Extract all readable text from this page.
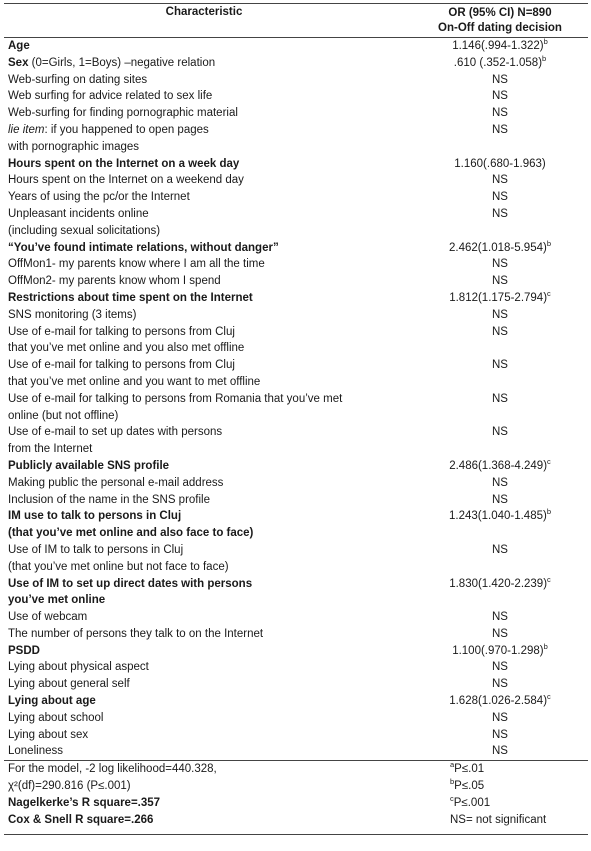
Characteristic	OR (95% CI) N=890
On-Off dating decision
Age	$1.146(.994-1.322)^b$
Sex (0=Girls, 1=Boys) –negative relation	.610 $(.352-1.058)^b$
Web-surfing on dating sites	NS
Web surfing for advice related to sex life	NS
Web-surfing for finding pornographic material	NS
lie item: if you happened to open pages	NS
with pornographic images
Hours spent on the Internet on a week day	1.160(.680-1.963)
Hours spent on the Internet on a weekend day	NS
Years of using the pc/or the Internet	NS
Unpleasant incidents online	NS
(including sexual solicitations)
“You’ve found intimate relations, without danger”	$2.462(1.018-5.954)^b$
OffMon1- my parents know where I am all the time	NS
OffMon2- my parents know whom I spend	NS
Restrictions about time spent on the Internet	$1.812(1.175-2.794)^c$
SNS monitoring (3 items)	NS
Use of e-mail for talking to persons from Cluj	NS
that you’ve met online and you also met offline
Use of e-mail for talking to persons from Cluj	NS
that you’ve met online and you want to met offline
Use of e-mail for talking to persons from Romania that you’ve met	NS
online (but not offline)
Use of e-mail to set up dates with persons	NS
from the Internet
Publicly available SNS profile	$2.486(1.368-4.249)^c$
Making public the personal e-mail address	NS
Inclusion of the name in the SNS profile	NS
IM use to talk to persons in Cluj	$1.243(1.040-1.485)^b$
(that you’ve met online and also face to face)
Use of IM to talk to persons in Cluj	NS
(that you’ve met online but not face to face)
Use of IM to set up direct dates with persons	$1.830(1.420-2.239)^c$
you’ve met online
Use of webcam	NS
The number of persons they talk to on the Internet	NS
PSDD	$1.100(.970-1.298)^b$
Lying about physical aspect	NS
Lying about general self	NS
Lying about age	$1.628(1.026-2.584)^c$
Lying about school	NS
Lying about sex	NS
Loneliness	NS
For the model, -2 log likelihood=440.328,	$^a$P≤.01
χ²(df)=290.816 (P≤.001)	$^b$P≤.05
Nagelkerke’s R square=.357	$^c$P≤.001
Cox & Snell R square=.266	NS= not significant
